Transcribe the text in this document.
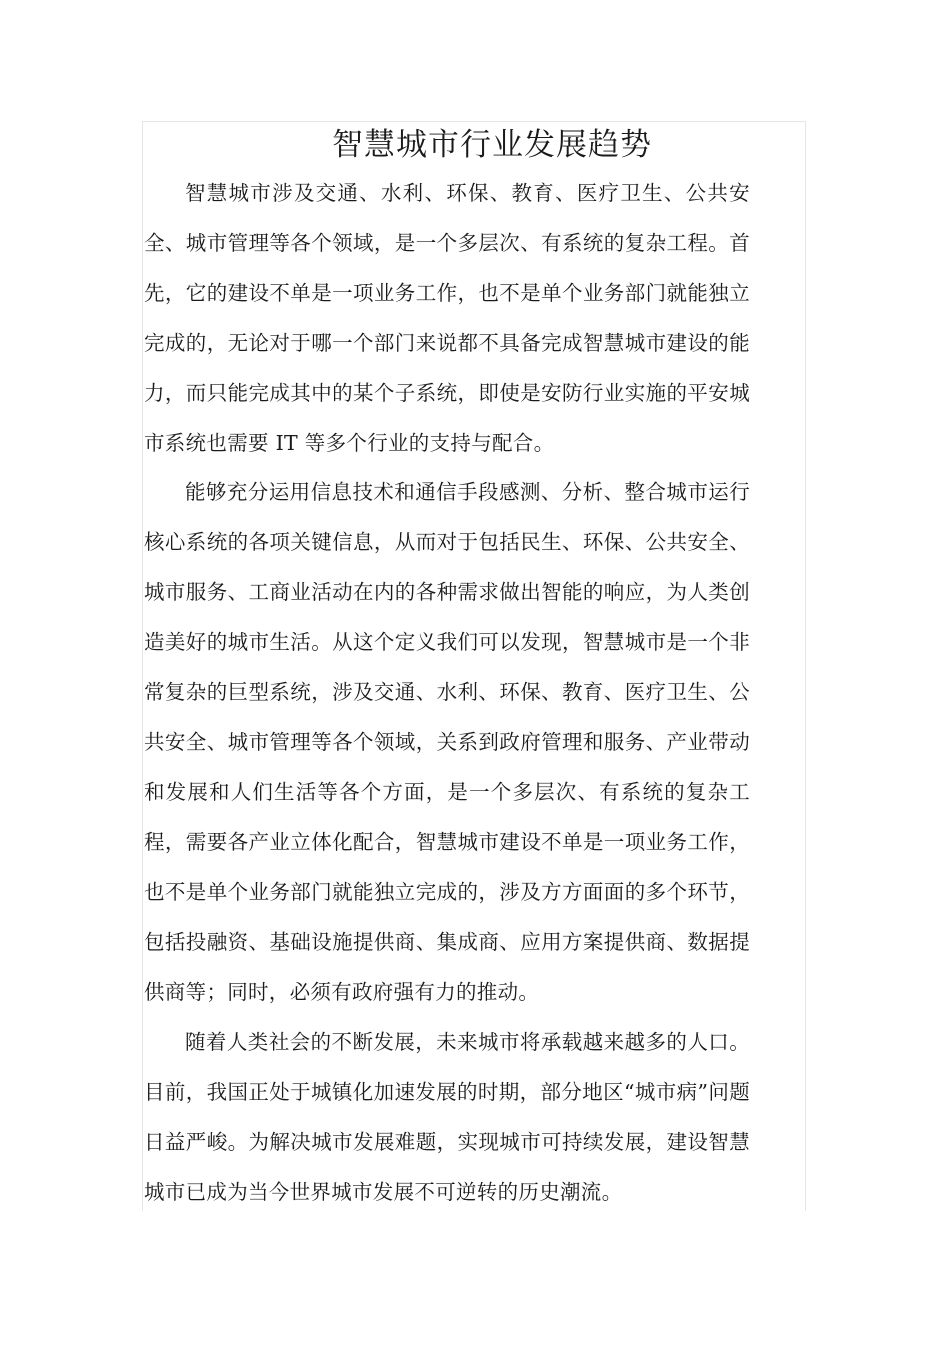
智慧城市行业发展趋势

智慧城市涉及交通、水利、环保、教育、医疗卫生、公共安全、城市管理等各个领域，是一个多层次、有系统的复杂工程。首先，它的建设不单是一项业务工作，也不是单个业务部门就能独立完成的，无论对于哪一个部门来说都不具备完成智慧城市建设的能力，而只能完成其中的某个子系统，即使是安防行业实施的平安城市系统也需要 IT 等多个行业的支持与配合。

能够充分运用信息技术和通信手段感测、分析、整合城市运行核心系统的各项关键信息，从而对于包括民生、环保、公共安全、城市服务、工商业活动在内的各种需求做出智能的响应，为人类创造美好的城市生活。从这个定义我们可以发现，智慧城市是一个非常复杂的巨型系统，涉及交通、水利、环保、教育、医疗卫生、公共安全、城市管理等各个领域，关系到政府管理和服务、产业带动和发展和人们生活等各个方面，是一个多层次、有系统的复杂工程，需要各产业立体化配合，智慧城市建设不单是一项业务工作，也不是单个业务部门就能独立完成的，涉及方方面面的多个环节，包括投融资、基础设施提供商、集成商、应用方案提供商、数据提供商等；同时，必须有政府强有力的推动。

随着人类社会的不断发展，未来城市将承载越来越多的人口。目前，我国正处于城镇化加速发展的时期，部分地区“城市病”问题日益严峻。为解决城市发展难题，实现城市可持续发展，建设智慧城市已成为当今世界城市发展不可逆转的历史潮流。
